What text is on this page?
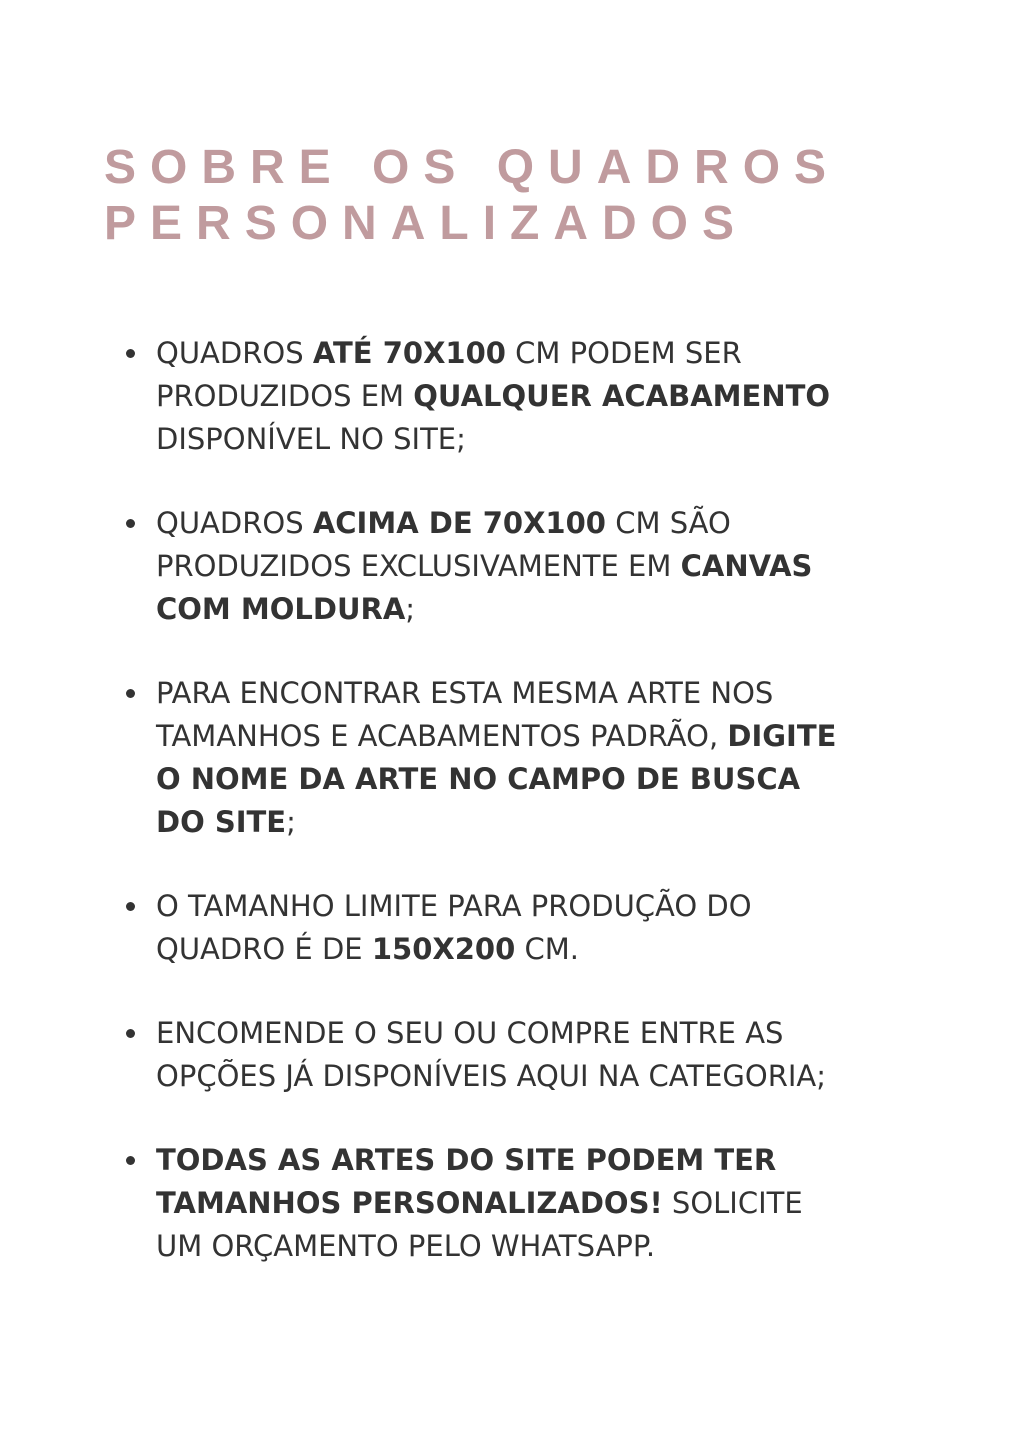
SOBRE OS QUADROS
PERSONALIZADOS
QUADROS ATÉ 70X100 CM PODEM SER PRODUZIDOS EM QUALQUER ACABAMENTO DISPONÍVEL NO SITE;
QUADROS ACIMA DE 70X100 CM SÃO PRODUZIDOS EXCLUSIVAMENTE EM CANVAS COM MOLDURA;
PARA ENCONTRAR ESTA MESMA ARTE NOS TAMANHOS E ACABAMENTOS PADRÃO, DIGITE O NOME DA ARTE NO CAMPO DE BUSCA DO SITE;
O TAMANHO LIMITE PARA PRODUÇÃO DO QUADRO É DE 150X200 CM.
ENCOMENDE O SEU OU COMPRE ENTRE AS OPÇÕES JÁ DISPONÍVEIS AQUI NA CATEGORIA;
TODAS AS ARTES DO SITE PODEM TER TAMANHOS PERSONALIZADOS! SOLICITE UM ORÇAMENTO PELO WHATSAPP.
